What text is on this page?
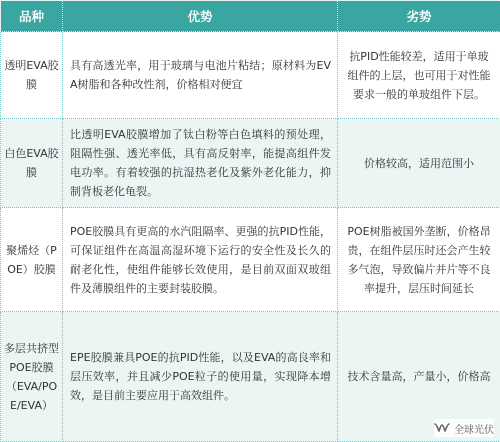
品种	优势	劣势
透明EVA胶膜	具有高透光率，用于玻璃与电池片粘结；原材料为EVA树脂和各种改性剂，价格相对便宜	抗PID性能较差，适用于单玻组件的上层，也可用于对性能要求一般的单玻组件下层。
白色EVA胶膜	比透明EVA胶膜增加了钛白粉等白色填料的预处理，阻隔性强、透光率低，具有高反射率，能提高组件发电功率。有着较强的抗湿热老化及紫外老化能力，抑制背板老化龟裂。	价格较高，适用范围小
聚烯烃（POE）胶膜	POE胶膜具有更高的水汽阻隔率、更强的抗PID性能，可保证组件在高温高湿环境下运行的安全性及长久的耐老化性，使组件能够长效使用，是目前双面双玻组件及薄膜组件的主要封装胶膜。	POE树脂被国外垄断，价格昂贵，在组件层压时还会产生较多气泡，导致偏片并片等不良率提升，层压时间延长
多层共挤型POE胶膜（EVA/POE/EVA）	EPE胶膜兼具POE的抗PID性能，以及EVA的高良率和层压效率，并且减少POE粒子的使用量，实现降本增效，是目前主要应用于高效组件。	技术含量高，产量小，价格高
全球光伏
